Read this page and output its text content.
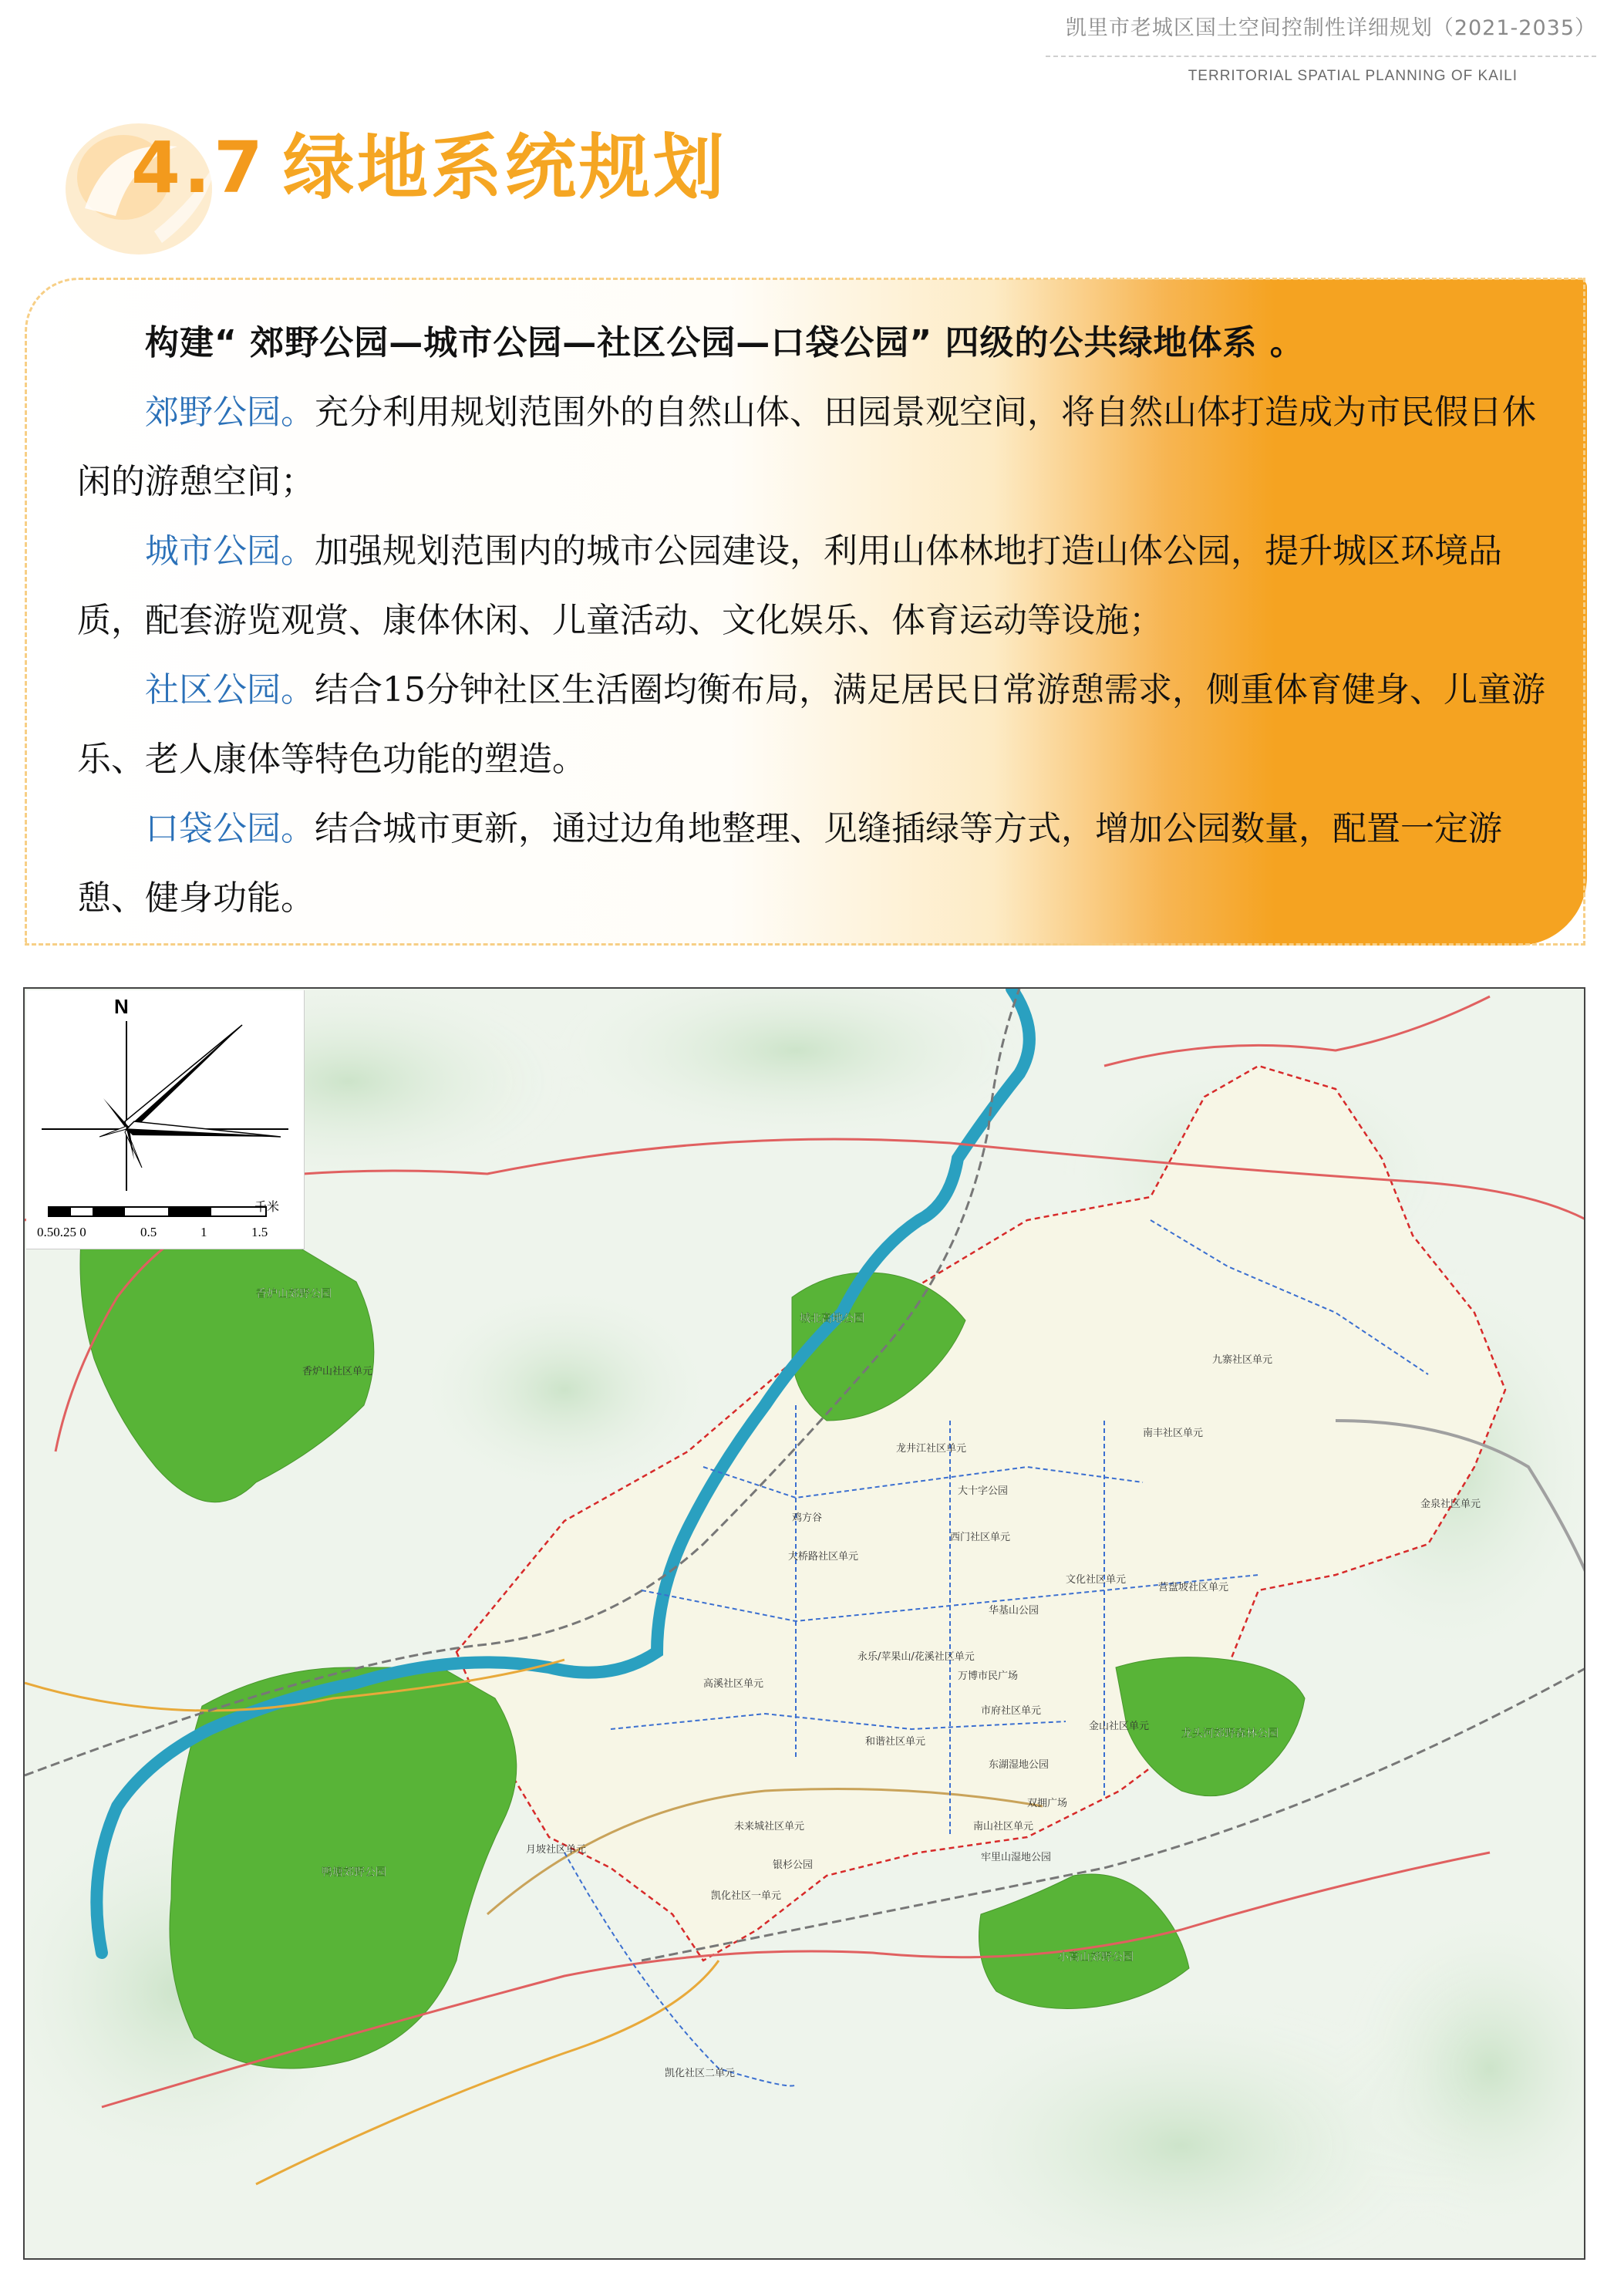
凯里市老城区国土空间控制性详细规划（2021-2035）
TERRITORIAL SPATIAL PLANNING OF KAILI
4.7 绿地系统规划

构建“ 郊野公园—城市公园—社区公园—口袋公园” 四级的公共绿地体系 。

郊野公园。充分利用规划范围外的自然山体、田园景观空间，将自然山体打造成为市民假日休闲的游憩空间；

城市公园。加强规划范围内的城市公园建设，利用山体林地打造山体公园，提升城区环境品质，配套游览观赏、康体休闲、儿童活动、文化娱乐、体育运动等设施；

社区公园。结合15分钟社区生活圈均衡布局，满足居民日常游憩需求，侧重体育健身、儿童游乐、老人康体等特色功能的塑造。

口袋公园。结合城市更新，通过边角地整理、见缝插绿等方式，增加公园数量，配置一定游憩、健身功能。

城北高地公园
香炉山郊野公园
香炉山社区单元
鸭塘郊野公园
龙头河郊野森林公园
小高山郊野公园
龙井江社区单元
大十字公园
西门社区单元
大桥路社区单元
文化社区单元
营盘坡社区单元
华基山公园
永乐/苹果山/花溪社区单元
万博市民广场
市府社区单元
金山社区单元
和谐社区单元
东湖湿地公园
高溪社区单元
九寨社区单元
南丰社区单元
金泉社区单元
双拥广场
南山社区单元
牢里山湿地公园
月坡社区单元
未来城社区单元
凯化社区一单元
银杉公园
凯化社区二单元
鸡方谷
N
千米
0.50.25 0	0.5	1	1.5
